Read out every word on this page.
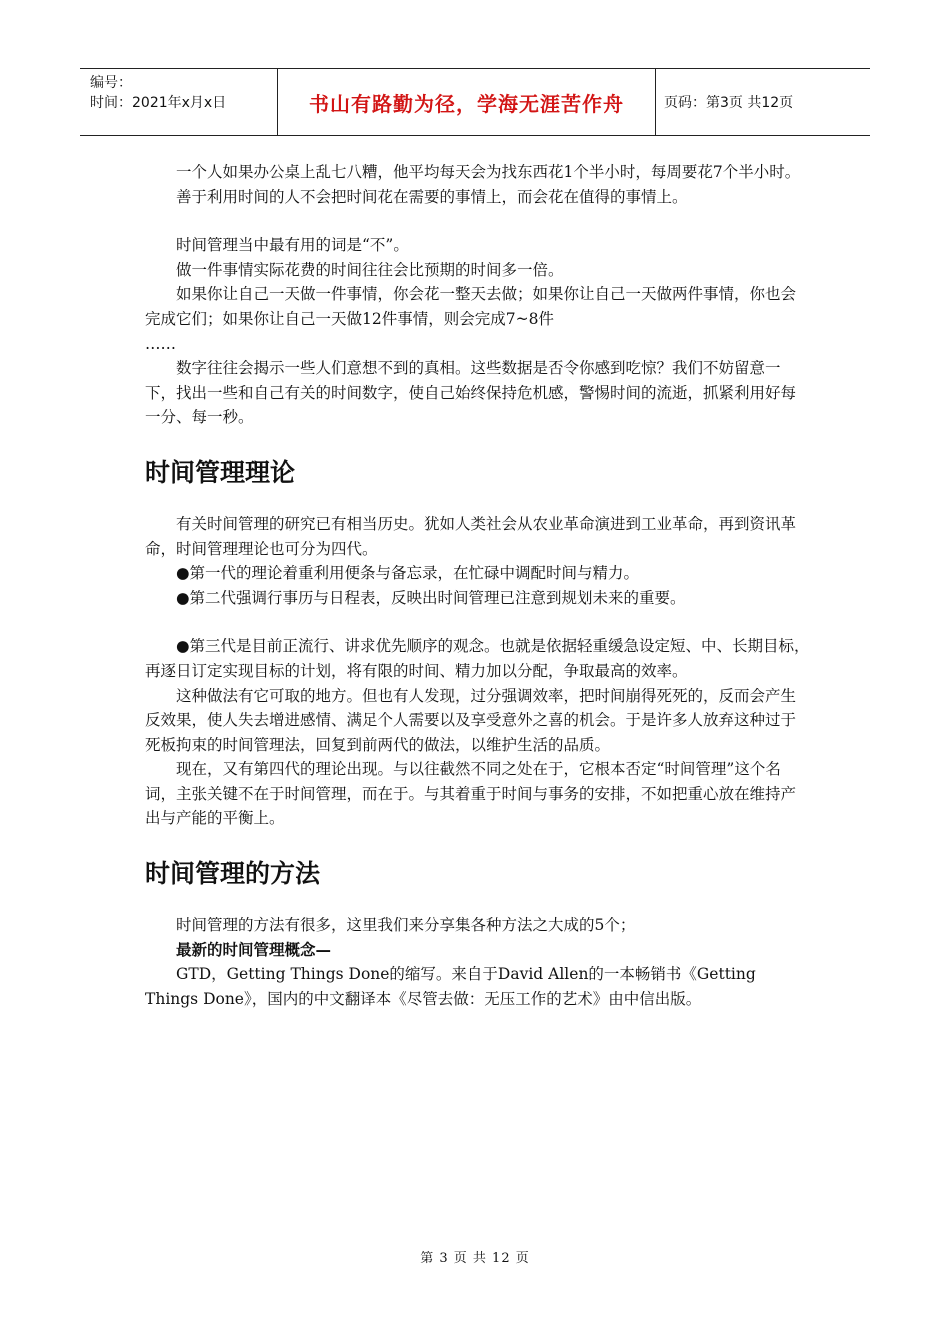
编号：
时间：2021年x月x日	书山有路勤为径，学海无涯苦作舟	页码：第3页 共12页

一个人如果办公桌上乱七八糟，他平均每天会为找东西花1个半小时，每周要花7个半小时。

善于利用时间的人不会把时间花在需要的事情上，而会花在值得的事情上。

时间管理当中最有用的词是“不”。

做一件事情实际花费的时间往往会比预期的时间多一倍。

如果你让自己一天做一件事情，你会花一整天去做；如果你让自己一天做两件事情，你也会完成它们；如果你让自己一天做12件事情，则会完成7~8件

……

数字往往会揭示一些人们意想不到的真相。这些数据是否令你感到吃惊？我们不妨留意一下，找出一些和自己有关的时间数字，使自己始终保持危机感，警惕时间的流逝，抓紧利用好每一分、每一秒。

时间管理理论

有关时间管理的研究已有相当历史。犹如人类社会从农业革命演进到工业革命，再到资讯革命，时间管理理论也可分为四代。

●第一代的理论着重利用便条与备忘录，在忙碌中调配时间与精力。

●第二代强调行事历与日程表，反映出时间管理已注意到规划未来的重要。

●第三代是目前正流行、讲求优先顺序的观念。也就是依据轻重缓急设定短、中、长期目标，再逐日订定实现目标的计划，将有限的时间、精力加以分配，争取最高的效率。

这种做法有它可取的地方。但也有人发现，过分强调效率，把时间崩得死死的，反而会产生反效果，使人失去增进感情、满足个人需要以及享受意外之喜的机会。于是许多人放弃这种过于死板拘束的时间管理法，回复到前两代的做法，以维护生活的品质。

现在，又有第四代的理论出现。与以往截然不同之处在于，它根本否定“时间管理”这个名词，主张关键不在于时间管理，而在于。与其着重于时间与事务的安排，不如把重心放在维持产出与产能的平衡上。

时间管理的方法

时间管理的方法有很多，这里我们来分享集各种方法之大成的5个；

最新的时间管理概念—

GTD，Getting Things Done的缩写。来自于David Allen的一本畅销书《Getting Things Done》，国内的中文翻译本《尽管去做：无压工作的艺术》由中信出版。

第 3 页 共 12 页
